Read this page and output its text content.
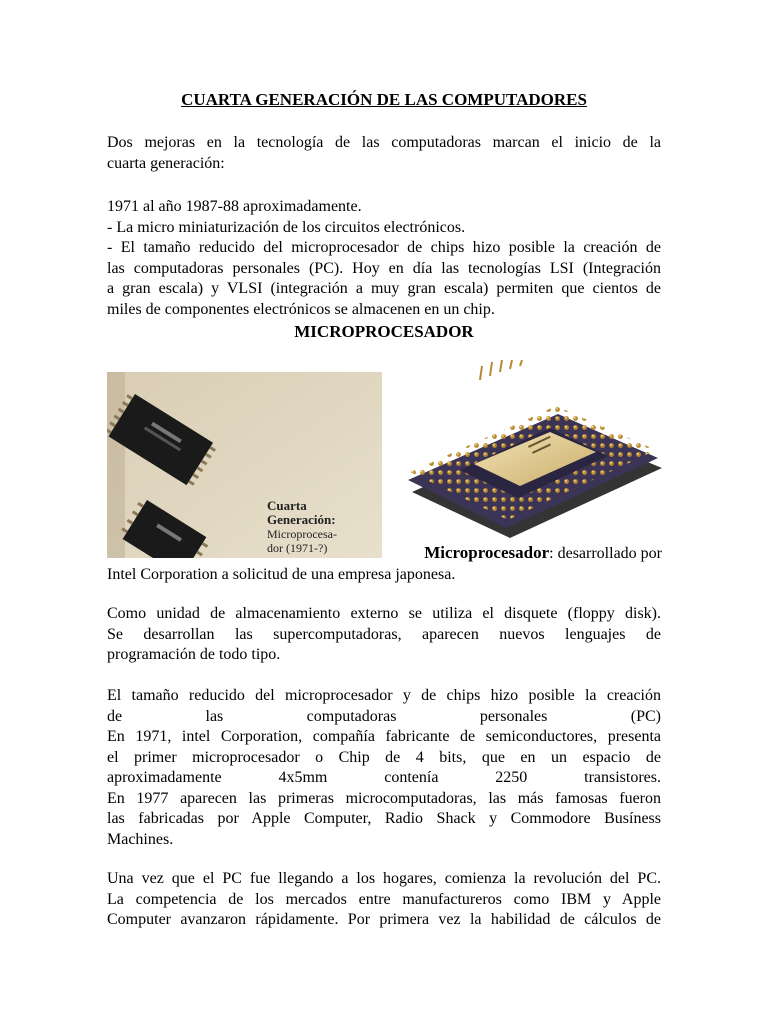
CUARTA GENERACIÓN DE LAS COMPUTADORES
Dos mejoras en la tecnología de las computadoras marcan el inicio de la
cuarta generación:
1971 al año 1987-88 aproximadamente.
- La micro miniaturización de los circuitos electrónicos.
- El tamaño reducido del microprocesador de chips hizo posible la creación de
las computadoras personales (PC). Hoy en día las tecnologías LSI (Integración
a gran escala) y VLSI (integración a muy gran escala) permiten que cientos de
miles de componentes electrónicos se almacenen en un chip.
MICROPROCESADOR
Cuarta
Generación:
Microprocesa-
dor (1971-?)	Microprocesador: desarrollado por
Intel Corporation a solicitud de una empresa japonesa.
Como unidad de almacenamiento externo se utiliza el disquete (floppy disk).
Se desarrollan las supercomputadoras, aparecen nuevos lenguajes de
programación de todo tipo.
El tamaño reducido del microprocesador y de chips hizo posible la creación
de las computadoras personales (PC)
En 1971, intel Corporation, compañía fabricante de semiconductores, presenta
el primer microprocesador o Chip de 4 bits, que en un espacio de
aproximadamente 4x5mm contenía 2250 transistores.
En 1977 aparecen las primeras microcomputadoras, las más famosas fueron
las fabricadas por Apple Computer, Radio Shack y Commodore Busíness
Machines.
Una vez que el PC fue llegando a los hogares, comienza la revolución del PC.
La competencia de los mercados entre manufactureros como IBM y Apple
Computer avanzaron rápidamente. Por primera vez la habilidad de cálculos de
